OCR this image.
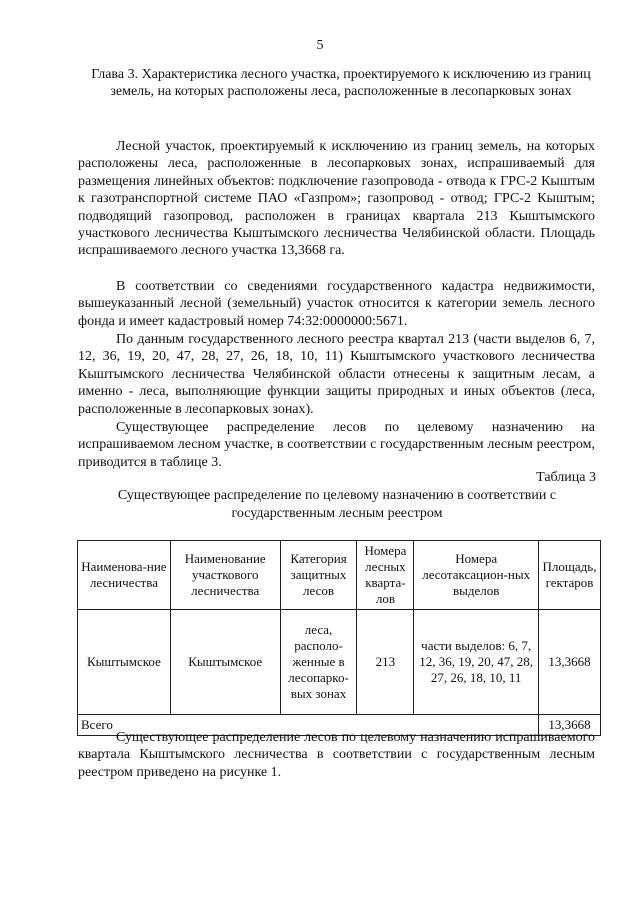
5
Глава 3. Характеристика лесного участка, проектируемого к исключению из границ земель, на которых расположены леса, расположенные в лесопарковых зонах

Лесной участок, проектируемый к исключению из границ земель, на которых расположены леса, расположенные в лесопарковых зонах, испрашиваемый для размещения линейных объектов: подключение газопровода - отвода к ГРС-2 Кыштым к газотранспортной системе ПАО «Газпром»; газопровод - отвод; ГРС-2 Кыштым; подводящий газопровод, расположен в границах квартала 213 Кыштымского участкового лесничества Кыштымского лесничества Челябинской области. Площадь испрашиваемого лесного участка 13,3668 га.

В соответствии со сведениями государственного кадастра недвижимости, вышеуказанный лесной (земельный) участок относится к категории земель лесного фонда и имеет кадастровый номер 74:32:0000000:5671.

По данным государственного лесного реестра квартал 213 (части выделов 6, 7, 12, 36, 19, 20, 47, 28, 27, 26, 18, 10, 11) Кыштымского участкового лесничества Кыштымского лесничества Челябинской области отнесены к защитным лесам, а именно - леса, выполняющие функции защиты природных и иных объектов (леса, расположенные в лесопарковых зонах).

Существующее распределение лесов по целевому назначению на испрашиваемом лесном участке, в соответствии с государственным лесным реестром, приводится в таблице 3.

Таблица 3
Существующее распределение по целевому назначению в соответствии с государственным лесным реестром
Наименова-ние лесничества	Наименование участкового лесничества	Категория защитных лесов	Номера лесных кварта-лов	Номера лесотаксацион-ных выделов	Площадь, гектаров
Кыштымское	Кыштымское	леса, располо-женные в лесопарко-вых зонах	213	части выделов: 6, 7, 12, 36, 19, 20, 47, 28, 27, 26, 18, 10, 11	13,3668
Всего					13,3668

Существующее распределение лесов по целевому назначению испрашиваемого квартала Кыштымского лесничества в соответствии с государственным лесным реестром приведено на рисунке 1.
